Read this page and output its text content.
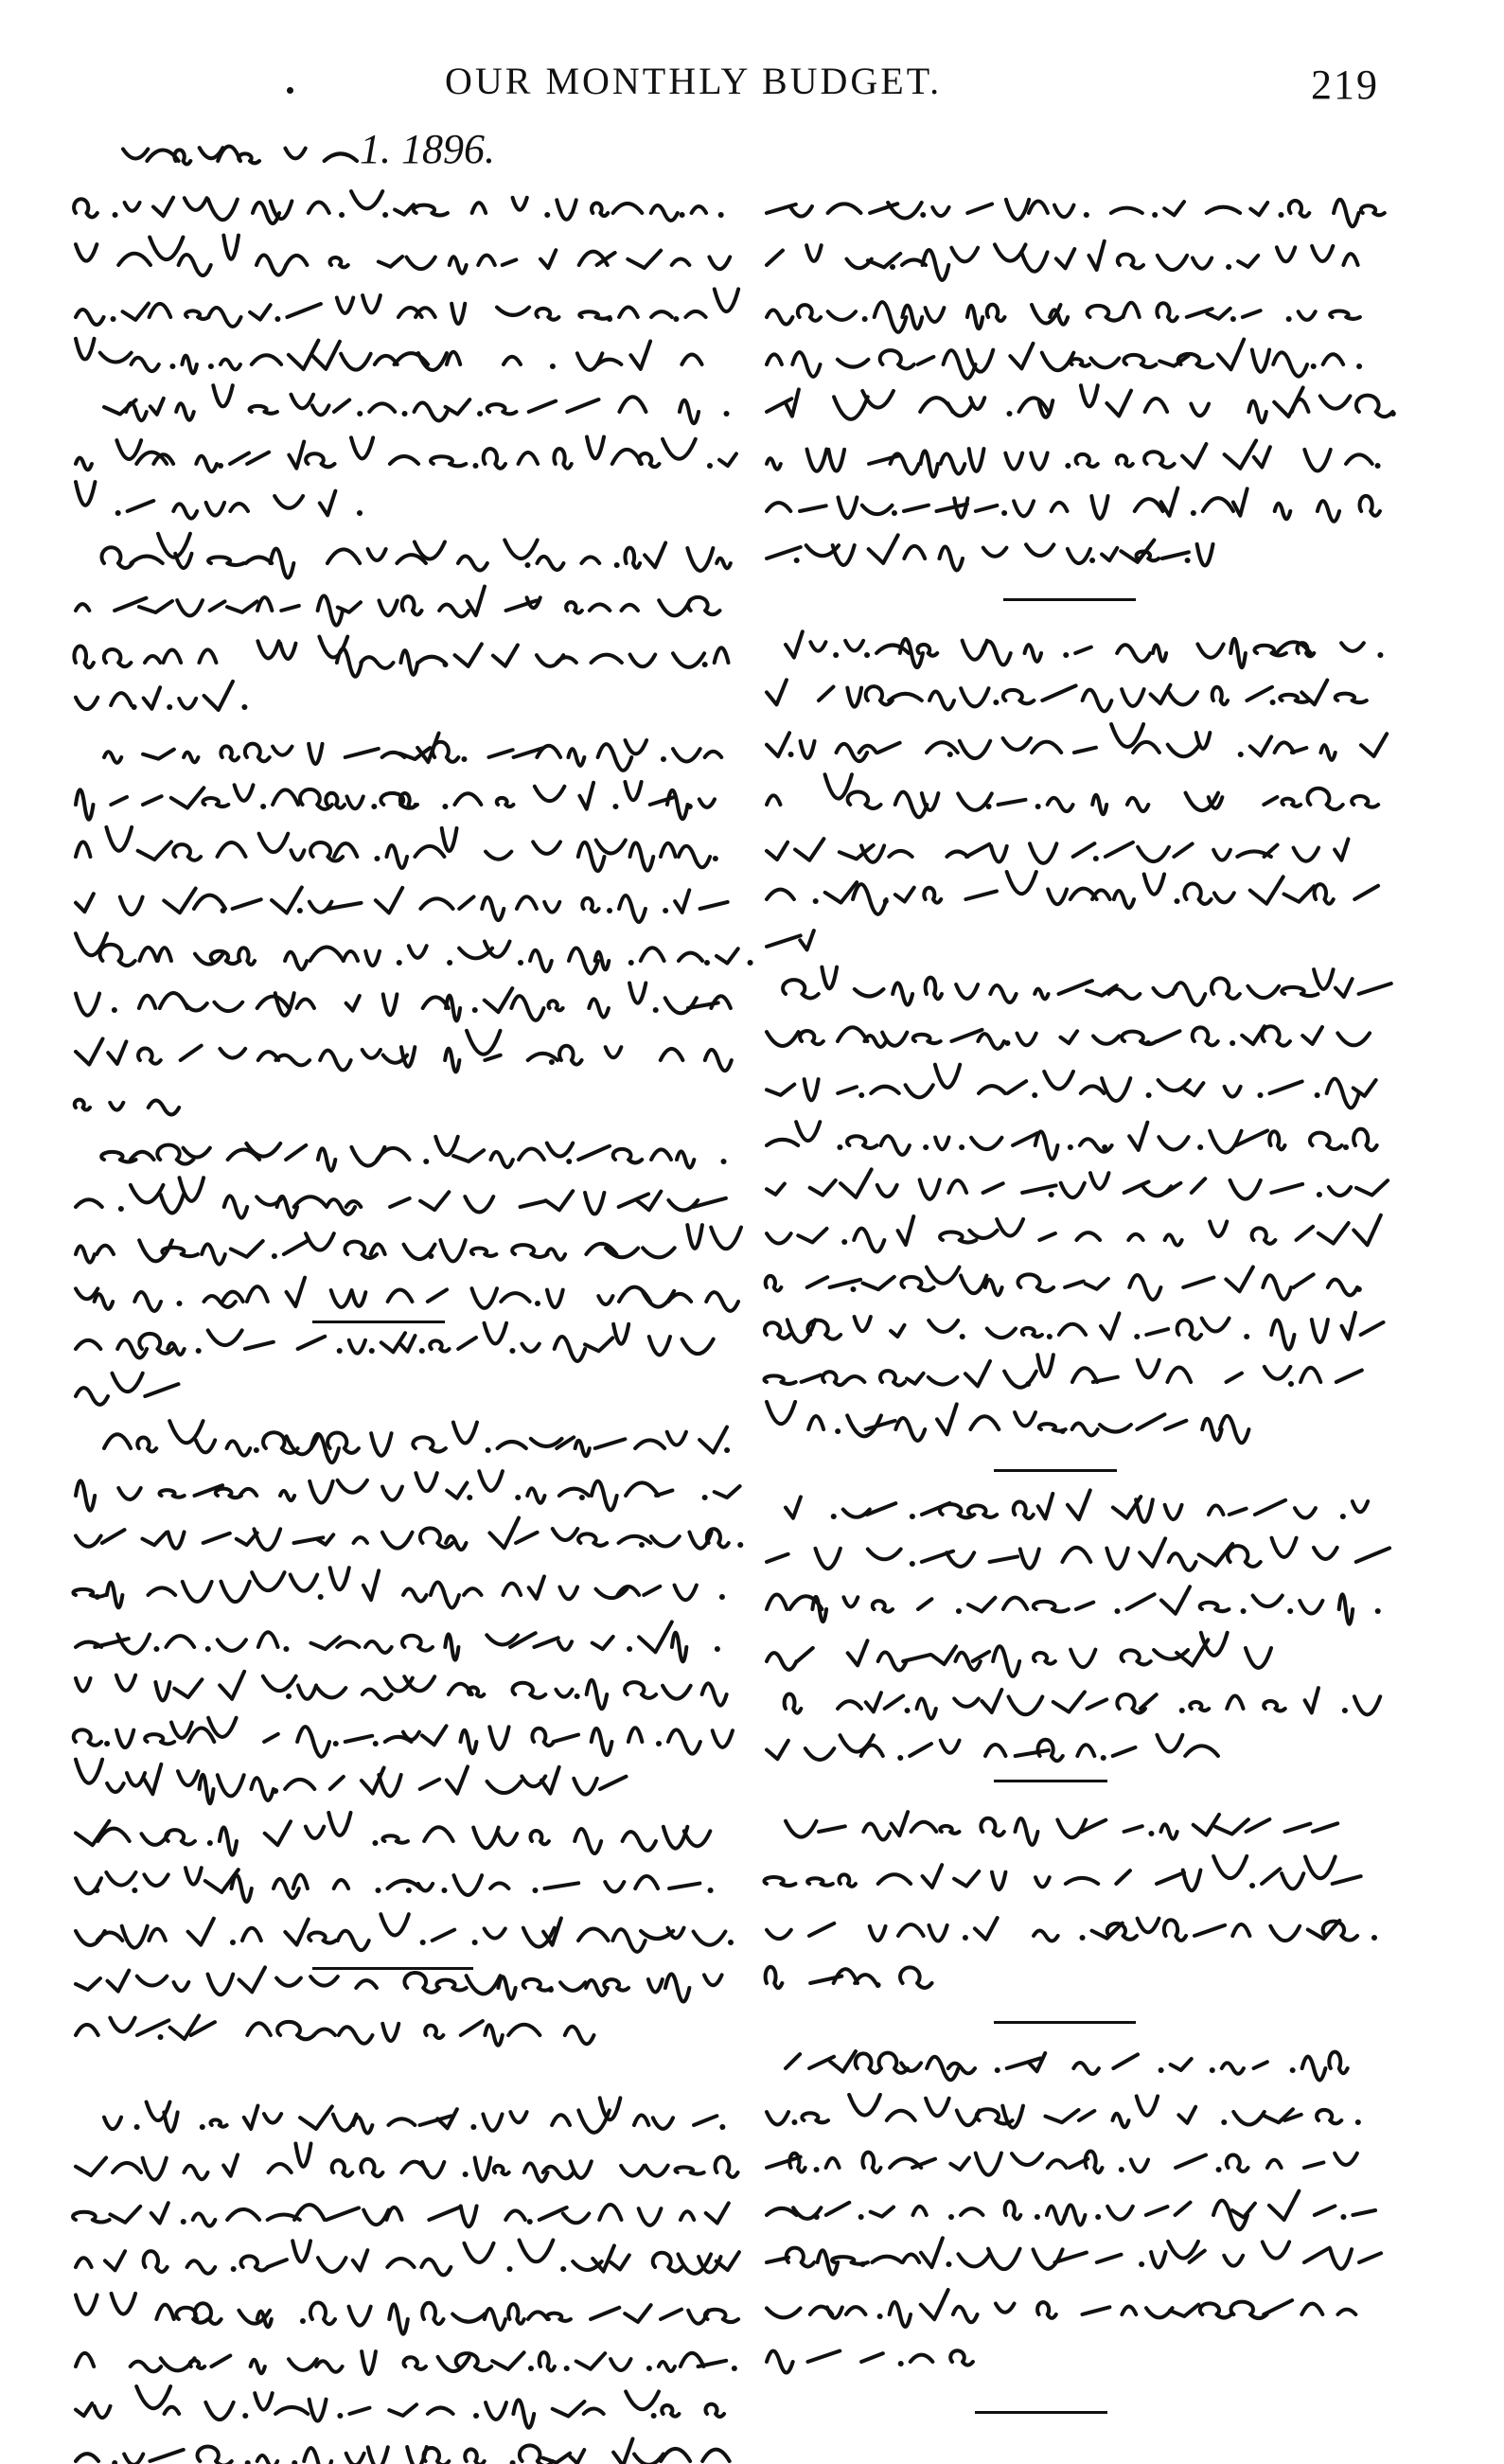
OUR MONTHLY BUDGET.	219
1. 1896.
